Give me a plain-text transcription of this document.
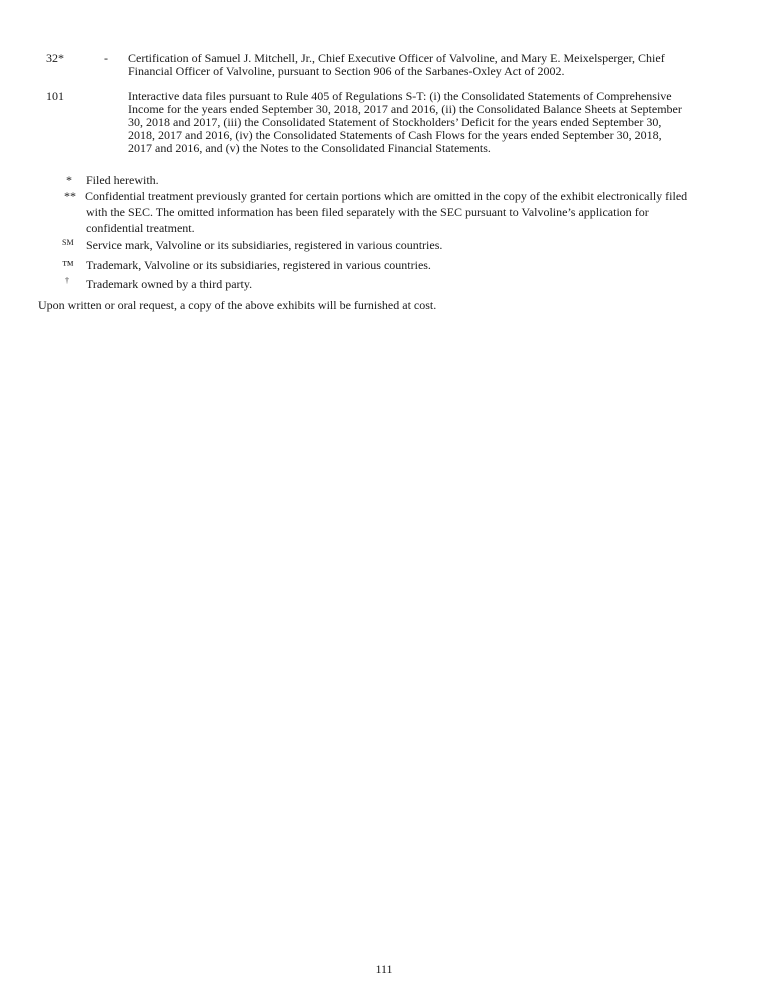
32*	- Certification of Samuel J. Mitchell, Jr., Chief Executive Officer of Valvoline, and Mary E. Meixelsperger, Chief
Financial Officer of Valvoline, pursuant to Section 906 of the Sarbanes-Oxley Act of 2002.
101	Interactive data files pursuant to Rule 405 of Regulations S-T: (i) the Consolidated Statements of Comprehensive
Income for the years ended September 30, 2018, 2017 and 2016, (ii) the Consolidated Balance Sheets at September
30, 2018 and 2017, (iii) the Consolidated Statement of Stockholders’ Deficit for the years ended September 30,
2018, 2017 and 2016, (iv) the Consolidated Statements of Cash Flows for the years ended September 30, 2018,
2017 and 2016, and (v) the Notes to the Consolidated Financial Statements.
* Filed herewith.
** Confidential treatment previously granted for certain portions which are omitted in the copy of the exhibit electronically filed
with the SEC. The omitted information has been filed separately with the SEC pursuant to Valvoline’s application for
confidential treatment.
SM Service mark, Valvoline or its subsidiaries, registered in various countries.
™ Trademark, Valvoline or its subsidiaries, registered in various countries.
† Trademark owned by a third party.
Upon written or oral request, a copy of the above exhibits will be furnished at cost.
111
